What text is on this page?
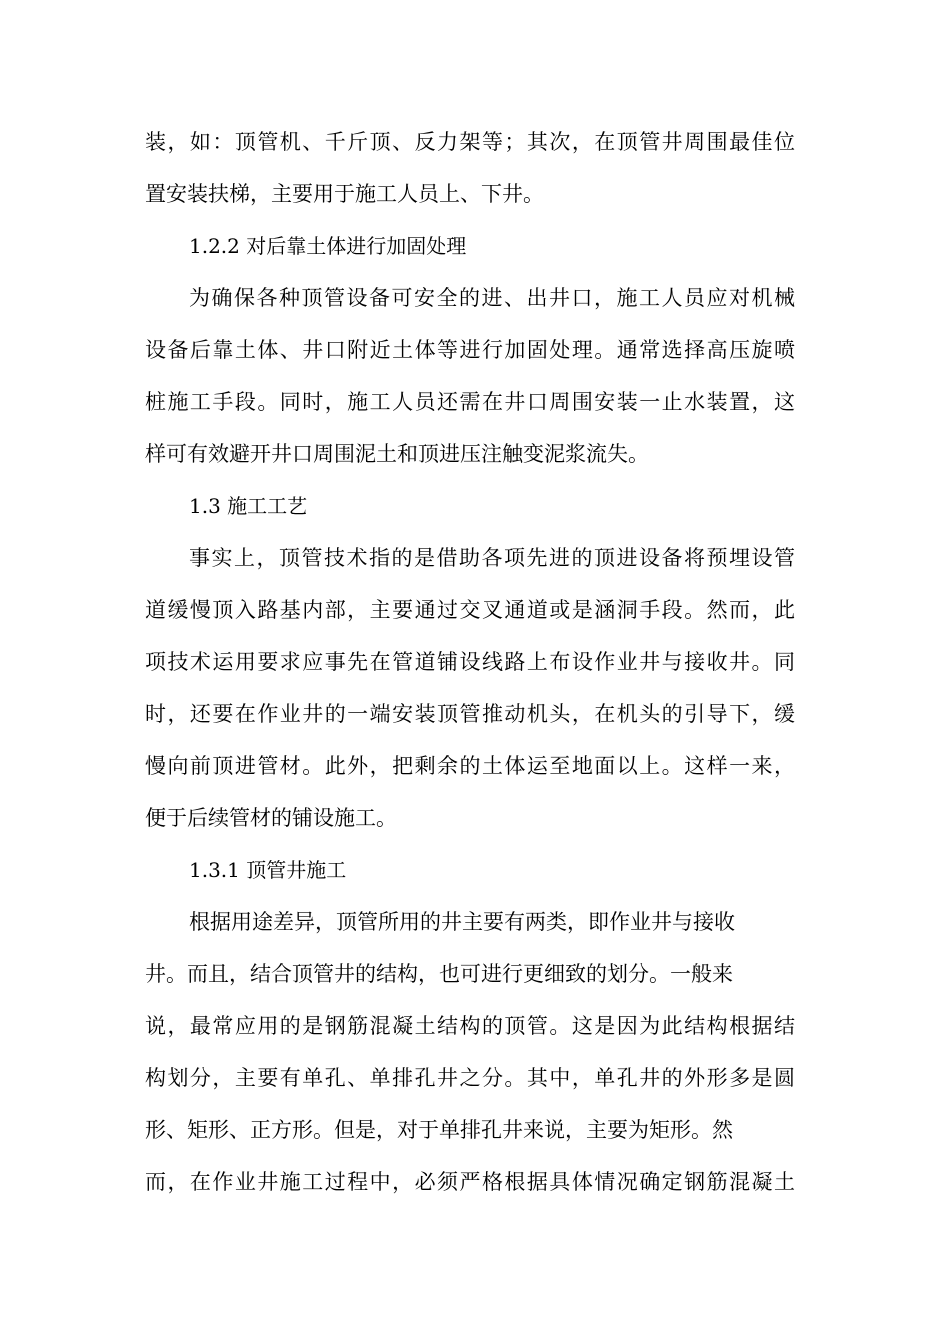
装，如：顶管机、千斤顶、反力架等；其次，在顶管井周围最佳位
置安装扶梯，主要用于施工人员上、下井。
1.2.2 对后靠土体进行加固处理
为确保各种顶管设备可安全的进、出井口，施工人员应对机械
设备后靠土体、井口附近土体等进行加固处理。通常选择高压旋喷
桩施工手段。同时，施工人员还需在井口周围安装一止水装置，这
样可有效避开井口周围泥土和顶进压注触变泥浆流失。
1.3 施工工艺
事实上，顶管技术指的是借助各项先进的顶进设备将预埋设管
道缓慢顶入路基内部，主要通过交叉通道或是涵洞手段。然而，此
项技术运用要求应事先在管道铺设线路上布设作业井与接收井。同
时，还要在作业井的一端安装顶管推动机头，在机头的引导下，缓
慢向前顶进管材。此外，把剩余的土体运至地面以上。这样一来，
便于后续管材的铺设施工。
1.3.1 顶管井施工
根据用途差异，顶管所用的井主要有两类，即作业井与接收
井。而且，结合顶管井的结构，也可进行更细致的划分。一般来
说，最常应用的是钢筋混凝土结构的顶管。这是因为此结构根据结
构划分，主要有单孔、单排孔井之分。其中，单孔井的外形多是圆
形、矩形、正方形。但是，对于单排孔井来说，主要为矩形。然
而，在作业井施工过程中，必须严格根据具体情况确定钢筋混凝土
